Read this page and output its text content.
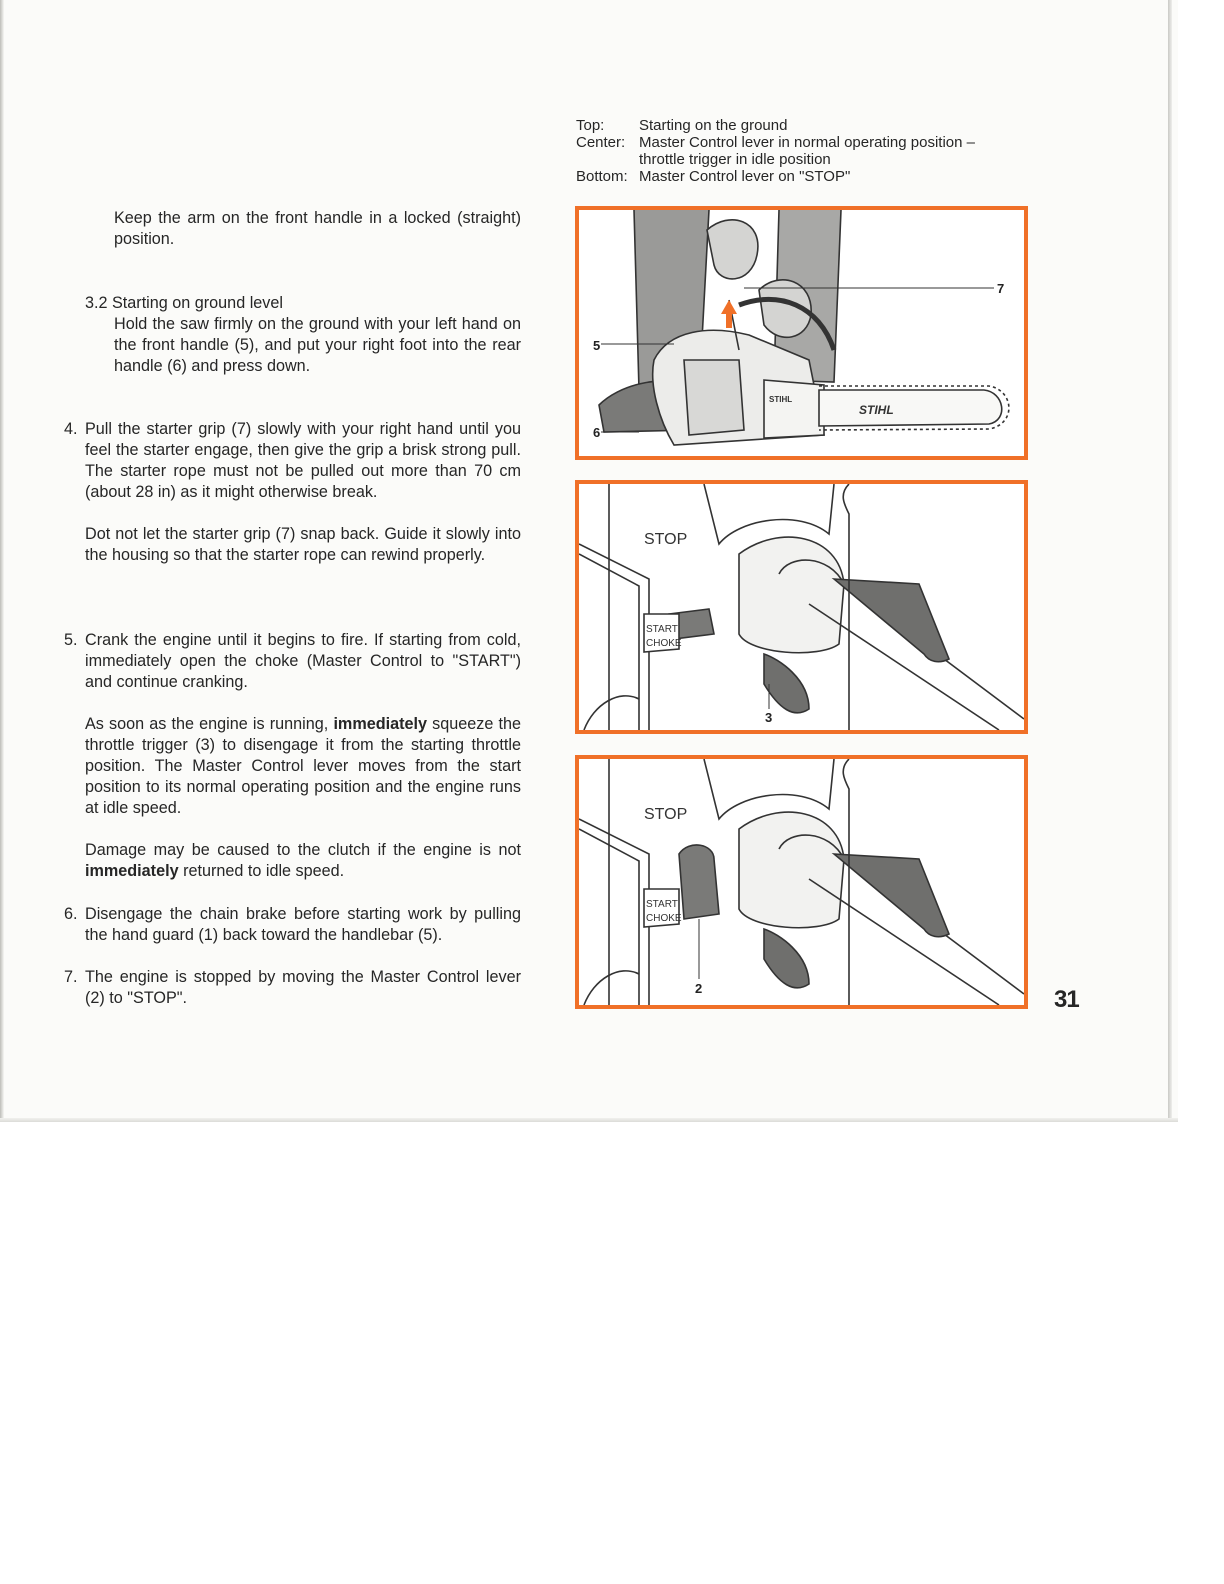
Top: Starting on the ground
Center: Master Control lever in normal operating position – throttle trigger in idle position
Bottom: Master Control lever on "STOP"

Keep the arm on the front handle in a locked (straight) position.

3.2 Starting on ground level

Hold the saw firmly on the ground with your left hand on the front handle (5), and put your right foot into the rear handle (6) and press down.

4. Pull the starter grip (7) slowly with your right hand until you feel the starter engage, then give the grip a brisk strong pull. The starter rope must not be pulled out more than 70 cm (about 28 in) as it might otherwise break.

Dot not let the starter grip (7) snap back. Guide it slowly into the housing so that the starter rope can rewind properly.

5. Crank the engine until it begins to fire. If starting from cold, immediately open the choke (Master Control to "START") and continue cranking.

As soon as the engine is running, immediately squeeze the throttle trigger (3) to disengage it from the starting throttle position. The Master Control lever moves from the start position to its normal operating position and the engine runs at idle speed.

Damage may be caused to the clutch if the engine is not immediately returned to idle speed.

6. Disengage the chain brake before starting work by pulling the hand guard (1) back toward the handlebar (5).

7. The engine is stopped by moving the Master Control lever (2) to "STOP".

STIHL
STIHL
5
6
7
STOP
START
CHOKE
3
STOP
START
CHOKE
2	31
